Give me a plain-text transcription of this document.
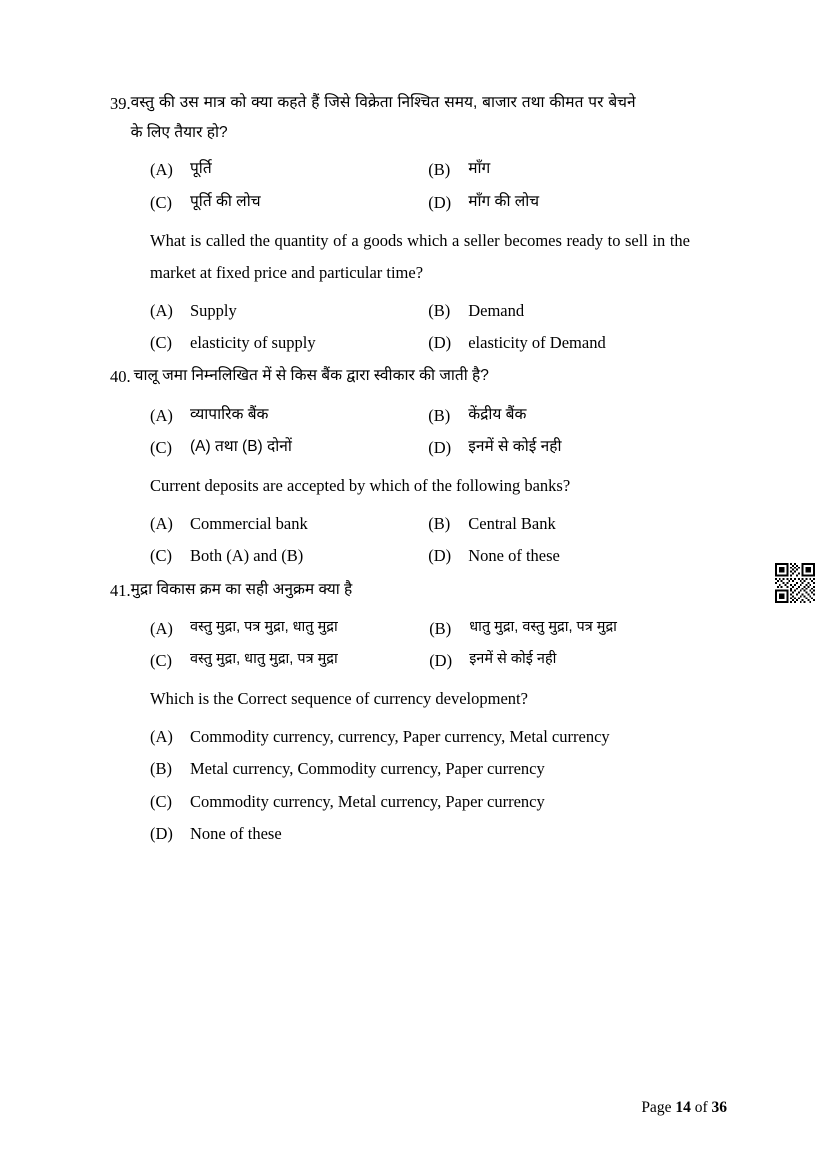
39. वस्तु की उस मात्र को क्या कहते हैं जिसे विक्रेता निश्चित समय, बाजार तथा कीमत पर बेचने के लिए तैयार हो?
(A)	पूर्ति	(B)	माँग
(C)	पूर्ति की लोच	(D)	माँग की लोच
What is called the quantity of a goods which a seller becomes ready to sell in the market at fixed price and particular time?
(A)	Supply	(B)	Demand
(C)	elasticity of supply	(D)	elasticity of Demand
40. चालू जमा निम्नलिखित में से किस बैंक द्वारा स्वीकार की जाती है?
(A)	व्यापारिक बैंक	(B)	केंद्रीय बैंक
(C)	(A) तथा (B) दोनों	(D)	इनमें से कोई नही
Current deposits are accepted by which of the following banks?
(A)	Commercial bank	(B)	Central Bank
(C)	Both (A) and (B)	(D)	None of these
41. मुद्रा विकास क्रम का सही अनुक्रम क्या है
(A)	वस्तु मुद्रा, पत्र मुद्रा, धातु मुद्रा	(B)	धातु मुद्रा, वस्तु मुद्रा, पत्र मुद्रा
(C)	वस्तु मुद्रा, धातु मुद्रा, पत्र मुद्रा	(D)	इनमें से कोई नही
Which is the Correct sequence of currency development?
(A)	Commodity currency, currency, Paper currency, Metal currency
(B)	Metal currency, Commodity currency, Paper currency
(C)	Commodity currency, Metal currency, Paper currency
(D)	None of these
Page 14 of 36
